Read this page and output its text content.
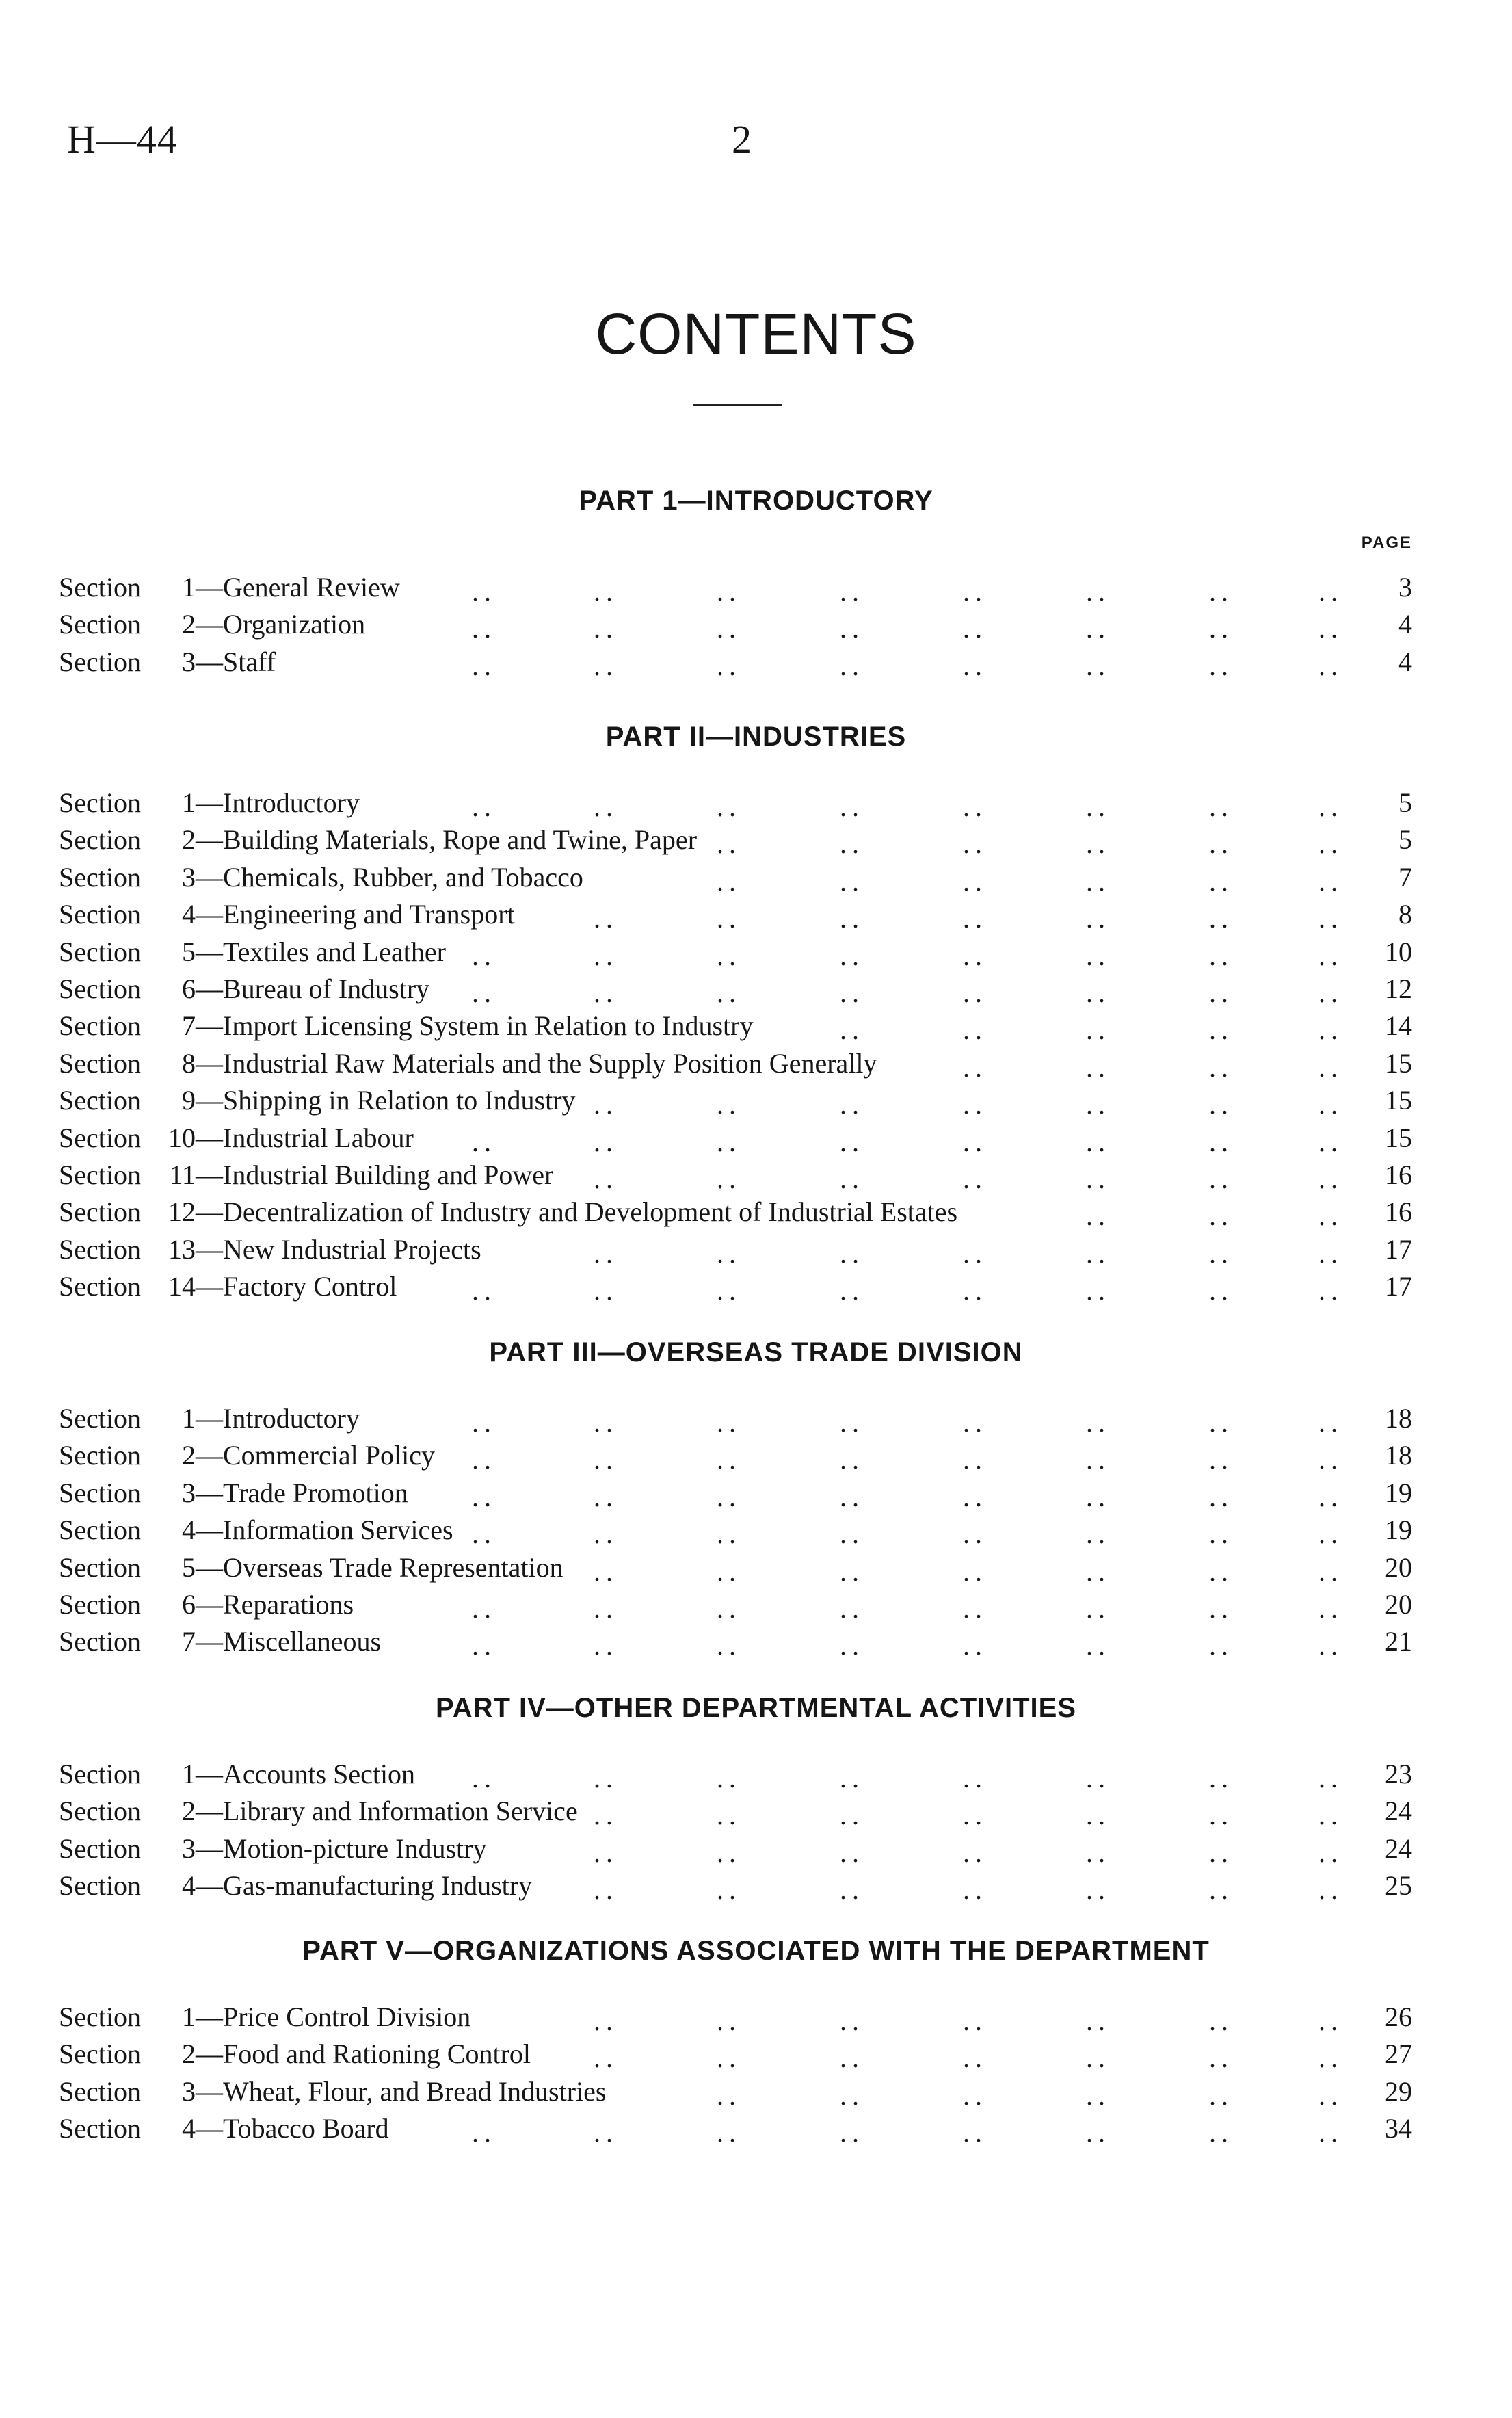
H—44	2
CONTENTS
PAGE
PART 1—INTRODUCTORY
Section	1 —General Review	3
..	..	..	..	..	..	..	..
Section	2 —Organization	4
..	..	..	..	..	..	..	..
Section	3 —Staff	4
..	..	..	..	..	..	..	..
PART II—INDUSTRIES
Section	1 —Introductory	5
..	..	..	..	..	..	..	..
Section	2 —Building Materials, Rope and Twine, Paper	5
..	..	..	..	..	..
Section	3 —Chemicals, Rubber, and Tobacco	7
..	..	..	..	..	..
Section	4 —Engineering and Transport	8
..	..	..	..	..	..	..
Section	5 —Textiles and Leather	10
..	..	..	..	..	..	..	..
Section	6 —Bureau of Industry	12
..	..	..	..	..	..	..	..
Section	7 —Import Licensing System in Relation to Industry	14
..	..	..	..	..
Section	8 —Industrial Raw Materials and the Supply Position Generally	15
..	..	..	..
Section	9 —Shipping in Relation to Industry	15
..	..	..	..	..	..	..
Section	10 —Industrial Labour	15
..	..	..	..	..	..	..	..
Section	11 —Industrial Building and Power	16
..	..	..	..	..	..	..
Section	12 —Decentralization of Industry and Development of Industrial Estates	16
..	..	..
Section	13 —New Industrial Projects	17
..	..	..	..	..	..	..
Section	14 —Factory Control	17
..	..	..	..	..	..	..	..
PART III—OVERSEAS TRADE DIVISION
Section	1 —Introductory	18
..	..	..	..	..	..	..	..
Section	2 —Commercial Policy	18
..	..	..	..	..	..	..	..
Section	3 —Trade Promotion	19
..	..	..	..	..	..	..	..
Section	4 —Information Services	19
..	..	..	..	..	..	..	..
Section	5 —Overseas Trade Representation	20
..	..	..	..	..	..	..
Section	6 —Reparations	20
..	..	..	..	..	..	..	..
Section	7 —Miscellaneous	21
..	..	..	..	..	..	..	..
PART IV—OTHER DEPARTMENTAL ACTIVITIES
Section	1 —Accounts Section	23
..	..	..	..	..	..	..	..
Section	2 —Library and Information Service	24
..	..	..	..	..	..	..
Section	3 —Motion-picture Industry	24
..	..	..	..	..	..	..
Section	4 —Gas-manufacturing Industry	25
..	..	..	..	..	..	..
PART V—ORGANIZATIONS ASSOCIATED WITH THE DEPARTMENT
Section	1 —Price Control Division	26
..	..	..	..	..	..	..
Section	2 —Food and Rationing Control	27
..	..	..	..	..	..	..
Section	3 —Wheat, Flour, and Bread Industries	29
..	..	..	..	..	..
Section	4 —Tobacco Board	34
..	..	..	..	..	..	..	..
